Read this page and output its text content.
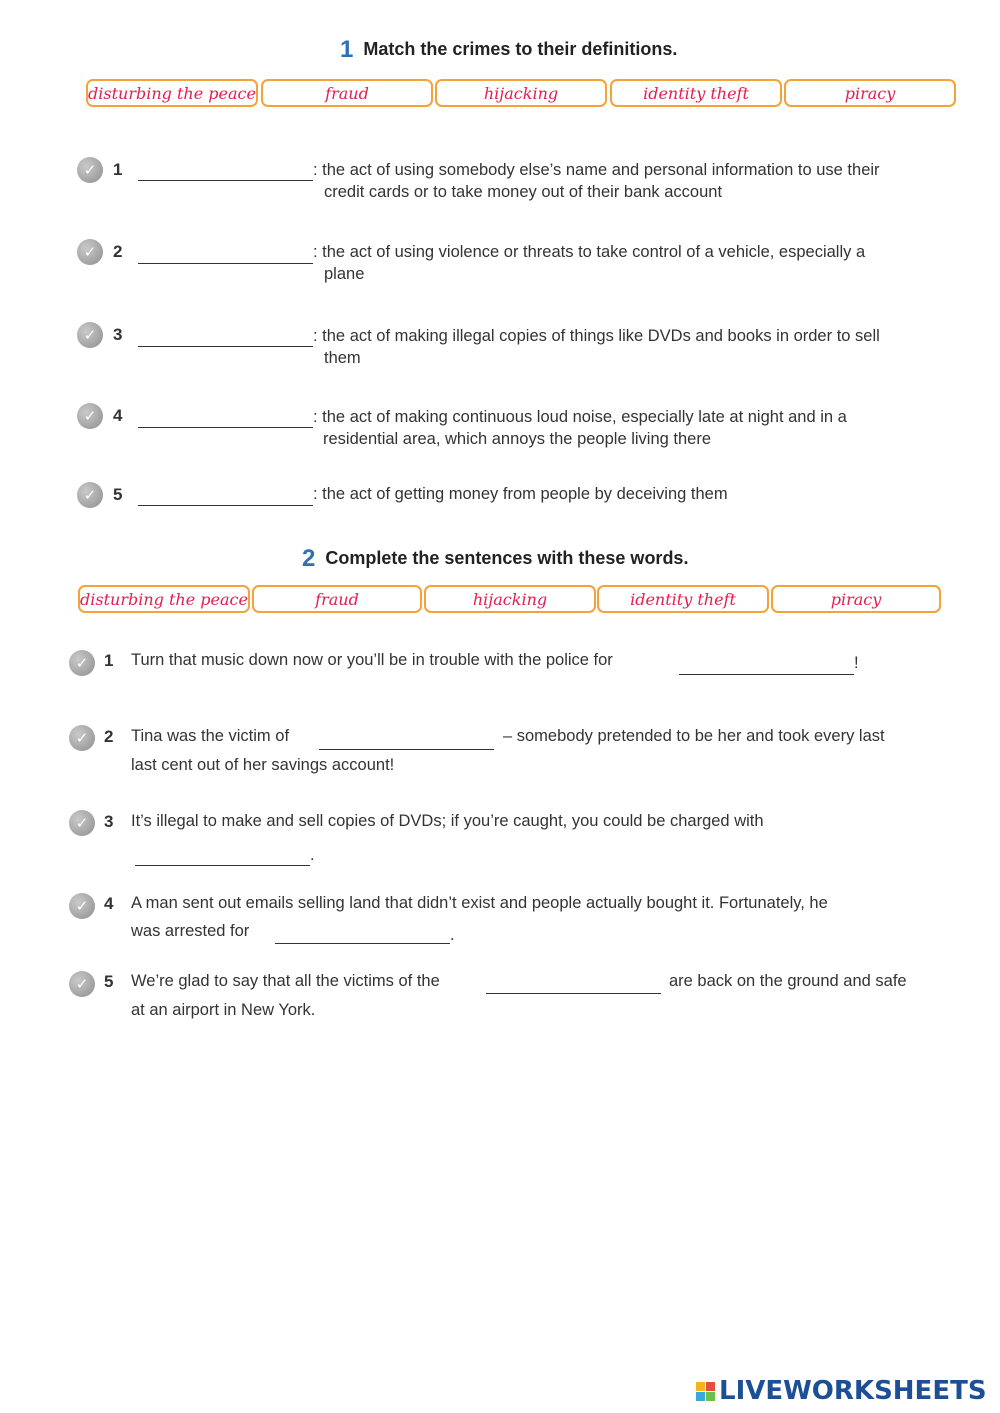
1 Match the crimes to their definitions.
disturbing the peace	fraud	hijacking	identity theft	piracy
✓ 1	: the act of using somebody else’s name and personal information to use their
credit cards or to take money out of their bank account
✓ 2	: the act of using violence or threats to take control of a vehicle, especially a
plane
✓ 3	: the act of making illegal copies of things like DVDs and books in order to sell
them
✓ 4	: the act of making continuous loud noise, especially late at night and in a
residential area, which annoys the people living there
✓ 5	: the act of getting money from people by deceiving them
2 Complete the sentences with these words.
disturbing the peace	fraud	hijacking	identity theft	piracy
✓ 1 Turn that music down now or you’ll be in trouble with the police for	!
✓ 2 Tina was the victim of	– somebody pretended to be her and took every last
last cent out of her savings account!
✓ 3 It’s illegal to make and sell copies of DVDs; if you’re caught, you could be charged with
.
✓ 4 A man sent out emails selling land that didn’t exist and people actually bought it. Fortunately, he
was arrested for	.
✓ 5 We’re glad to say that all the victims of the	are back on the ground and safe
at an airport in New York.
LIVEWORKSHEETS
